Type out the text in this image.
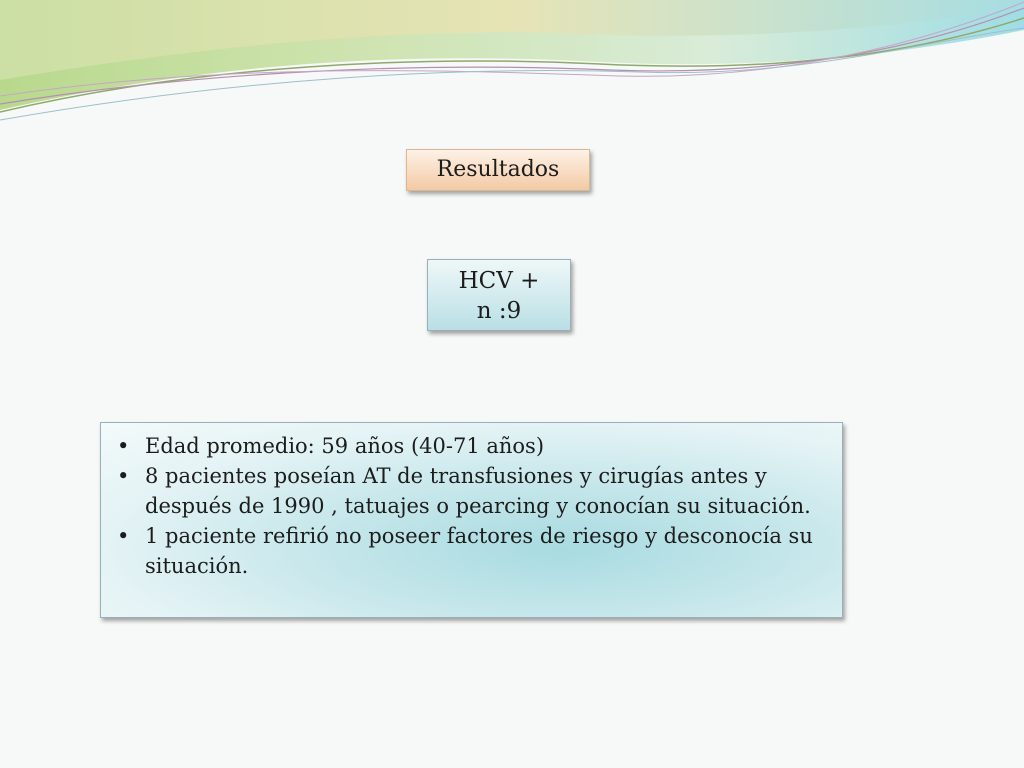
Resultados
HCV +
n :9
• Edad promedio: 59 años (40-71 años)
• 8 pacientes poseían AT de transfusiones y cirugías antes y después de 1990 , tatuajes o pearcing y conocían su situación.
• 1 paciente refirió no poseer factores de riesgo y desconocía su situación.
